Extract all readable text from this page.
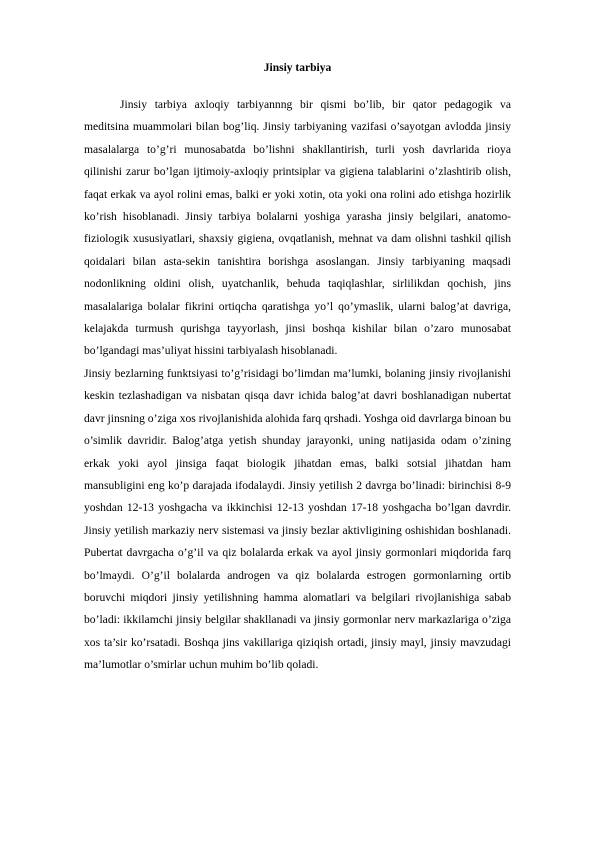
Jinsiy tarbiya

Jinsiy tarbiya axloqiy tarbiyannng bir qismi bo’lib, bir qator pedagogik va meditsina muammolari bilan bog’liq. Jinsiy tarbiyaning vazifasi o’sayotgan avlodda jinsiy masalalarga to’g’ri munosabatda bo’lishni shakllantirish, turli yosh davrlarida rioya qilinishi zarur bo’lgan ijtimoiy-axloqiy printsiplar va gigiena talablarini o’zlashtirib olish, faqat erkak va ayol rolini emas, balki er yoki xotin, ota yoki ona rolini ado etishga hozirlik ko’rish hisoblanadi. Jinsiy tarbiya bolalarni yoshiga yarasha jinsiy belgilari, anatomo-fiziologik xususiyatlari, shaxsiy gigiena, ovqatlanish, mehnat va dam olishni tashkil qilish qoidalari bilan asta-sekin tanishtira borishga asoslangan. Jinsiy tarbiyaning maqsadi nodonlikning oldini olish, uyatchanlik, behuda taqiqlashlar, sirlilikdan qochish, jins masalalariga bolalar fikrini ortiqcha qaratishga yo’l qo’ymaslik, ularni balog’at davriga, kelajakda turmush qurishga tayyorlash, jinsi boshqa kishilar bilan o’zaro munosabat bo’lgandagi mas’uliyat hissini tarbiyalash hisoblanadi.

Jinsiy bezlarning funktsiyasi to’g’risidagi bo’limdan ma’lumki, bolaning jinsiy rivojlanishi keskin tezlashadigan va nisbatan qisqa davr ichida balog’at davri boshlanadigan nubertat davr jinsning o’ziga xos rivojlanishida alohida farq qrshadi. Yoshga oid davrlarga binoan bu o’simlik davridir. Balog’atga yetish shunday jarayonki, uning natijasida odam o’zining erkak yoki ayol jinsiga faqat biologik jihatdan emas, balki sotsial jihatdan ham mansubligini eng ko’p darajada ifodalaydi. Jinsiy yetilish 2 davrga bo’linadi: birinchisi 8-9 yoshdan 12-13 yoshgacha va ikkinchisi 12-13 yoshdan 17-18 yoshgacha bo’lgan davrdir. Jinsiy yetilish markaziy nerv sistemasi va jinsiy bezlar aktivligining oshishidan boshlanadi. Pubertat davrgacha o’g’il va qiz bolalarda erkak va ayol jinsiy gormonlari miqdorida farq bo’lmaydi. O’g’il bolalarda androgen va qiz bolalarda estrogen gormonlarning ortib boruvchi miqdori jinsiy yetilishning hamma alomatlari va belgilari rivojlanishiga sabab bo’ladi: ikkilamchi jinsiy belgilar shakllanadi va jinsiy gormonlar nerv markazlariga o’ziga xos ta’sir ko’rsatadi. Boshqa jins vakillariga qiziqish ortadi, jinsiy mayl, jinsiy mavzudagi ma’lumotlar o’smirlar uchun muhim bo’lib qoladi.
